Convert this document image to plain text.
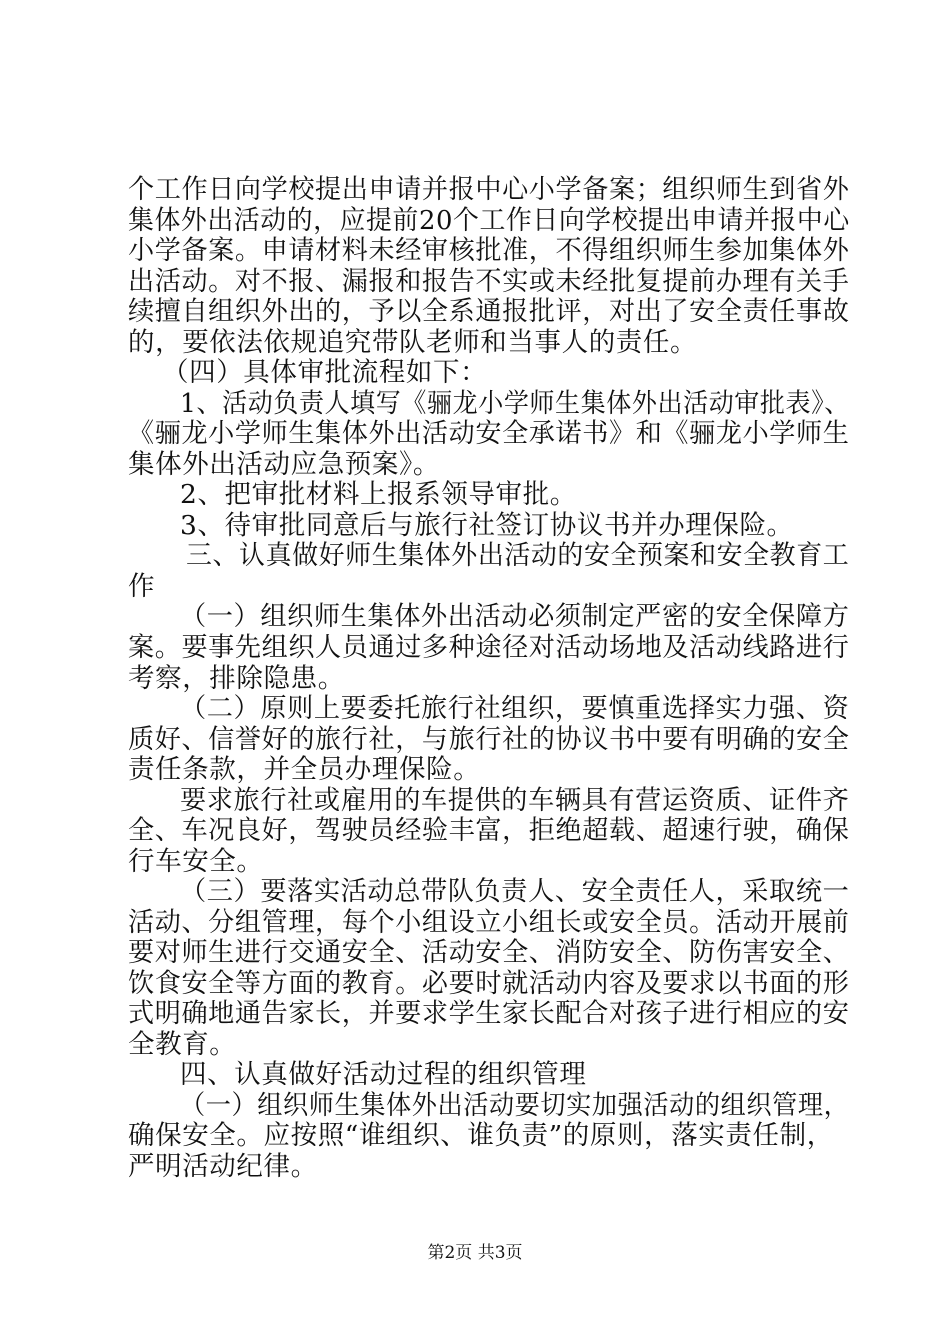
个工作日向学校提出申请并报中心小学备案；组织师生到省外
集体外出活动的，应提前20个工作日向学校提出申请并报中心
小学备案。申请材料未经审核批准，不得组织师生参加集体外
出活动。对不报、漏报和报告不实或未经批复提前办理有关手
续擅自组织外出的，予以全系通报批评，对出了安全责任事故
的，要依法依规追究带队老师和当事人的责任。
（四）具体审批流程如下：
1、活动负责人填写《骊龙小学师生集体外出活动审批表》、
《骊龙小学师生集体外出活动安全承诺书》和《骊龙小学师生
集体外出活动应急预案》。
2、把审批材料上报系领导审批。
3、待审批同意后与旅行社签订协议书并办理保险。
三、认真做好师生集体外出活动的安全预案和安全教育工
作
（一）组织师生集体外出活动必须制定严密的安全保障方
案。要事先组织人员通过多种途径对活动场地及活动线路进行
考察，排除隐患。
（二）原则上要委托旅行社组织，要慎重选择实力强、资
质好、信誉好的旅行社，与旅行社的协议书中要有明确的安全
责任条款，并全员办理保险。
要求旅行社或雇用的车提供的车辆具有营运资质、证件齐
全、车况良好，驾驶员经验丰富，拒绝超载、超速行驶，确保
行车安全。
（三）要落实活动总带队负责人、安全责任人，采取统一
活动、分组管理，每个小组设立小组长或安全员。活动开展前
要对师生进行交通安全、活动安全、消防安全、防伤害安全、
饮食安全等方面的教育。必要时就活动内容及要求以书面的形
式明确地通告家长，并要求学生家长配合对孩子进行相应的安
全教育。
四、认真做好活动过程的组织管理
（一）组织师生集体外出活动要切实加强活动的组织管理，
确保安全。应按照“谁组织、谁负责”的原则，落实责任制，
严明活动纪律。
第2页 共3页
